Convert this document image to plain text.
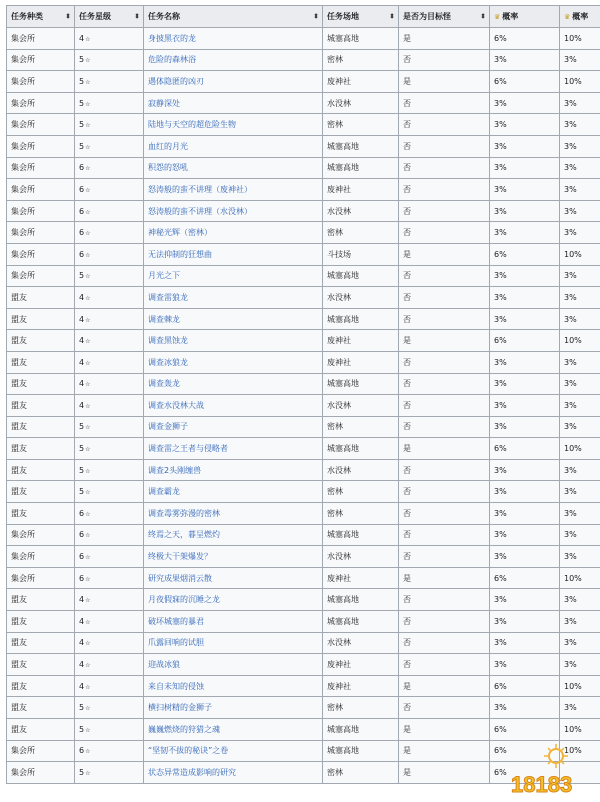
任务种类 ⬍	任务星级 ⬍	任务名称 ⬍	任务场地 ⬍	是否为目标怪 ⬍	♛ 概率	♛ 概率
集会所	4☆	身披黑衣的龙	城塞高地	是	6%	10%
集会所	5☆	危险的森林浴	密林	否	3%	3%
集会所	5☆	遇体隐匿的凶刃	废神社	是	6%	10%
集会所	5☆	寂静深处	水没林	否	3%	3%
集会所	5☆	陆地与天空的超危险生物	密林	否	3%	3%
集会所	5☆	血红的月光	城塞高地	否	3%	3%
集会所	6☆	积怨的怒吼	城塞高地	否	3%	3%
集会所	6☆	怒涛般的蛮不讲理（废神社）	废神社	否	3%	3%
集会所	6☆	怒涛般的蛮不讲理（水没林）	水没林	否	3%	3%
集会所	6☆	神秘光辉（密林）	密林	否	3%	3%
集会所	6☆	无法抑制的狂想曲	斗技场	是	6%	10%
集会所	5☆	月光之下	城塞高地	否	3%	3%
盟友	4☆	调查雷狼龙	水没林	否	3%	3%
盟友	4☆	调查棘龙	城塞高地	否	3%	3%
盟友	4☆	调查黑蚀龙	废神社	是	6%	10%
盟友	4☆	调查冰狼龙	废神社	否	3%	3%
盟友	4☆	调查轰龙	城塞高地	否	3%	3%
盟友	4☆	调查水没林大战	水没林	否	3%	3%
盟友	5☆	调查金狮子	密林	否	3%	3%
盟友	5☆	调查雷之王者与侵略者	城塞高地	是	6%	10%
盟友	5☆	调查2头刚缠兽	水没林	否	3%	3%
盟友	5☆	调查霸龙	密林	否	3%	3%
盟友	6☆	调查毒雾弥漫的密林	密林	否	3%	3%
集会所	6☆	终焉之天，暮呈燃灼	城塞高地	否	3%	3%
集会所	6☆	终极大干架爆发？	水没林	否	3%	3%
集会所	6☆	研究成果烟消云散	废神社	是	6%	10%
盟友	4☆	月夜假寐的沉睡之龙	城塞高地	否	3%	3%
盟友	4☆	破坏城塞的暴君	城塞高地	否	3%	3%
盟友	4☆	爪露回响的试胆	水没林	否	3%	3%
盟友	4☆	迎战冰狼	废神社	否	3%	3%
盟友	4☆	来自未知的侵蚀	废神社	是	6%	10%
盟友	5☆	横扫树精的金狮子	密林	否	3%	3%
盟友	5☆	巍巍燃烧的狩猎之魂	城塞高地	是	6%	10%
集会所	6☆	“坚韧不拔的秘诀”之卷	城塞高地	是	6%	10%
集会所	5☆	状态异常造成影响的研究	密林	是	6%	18183
